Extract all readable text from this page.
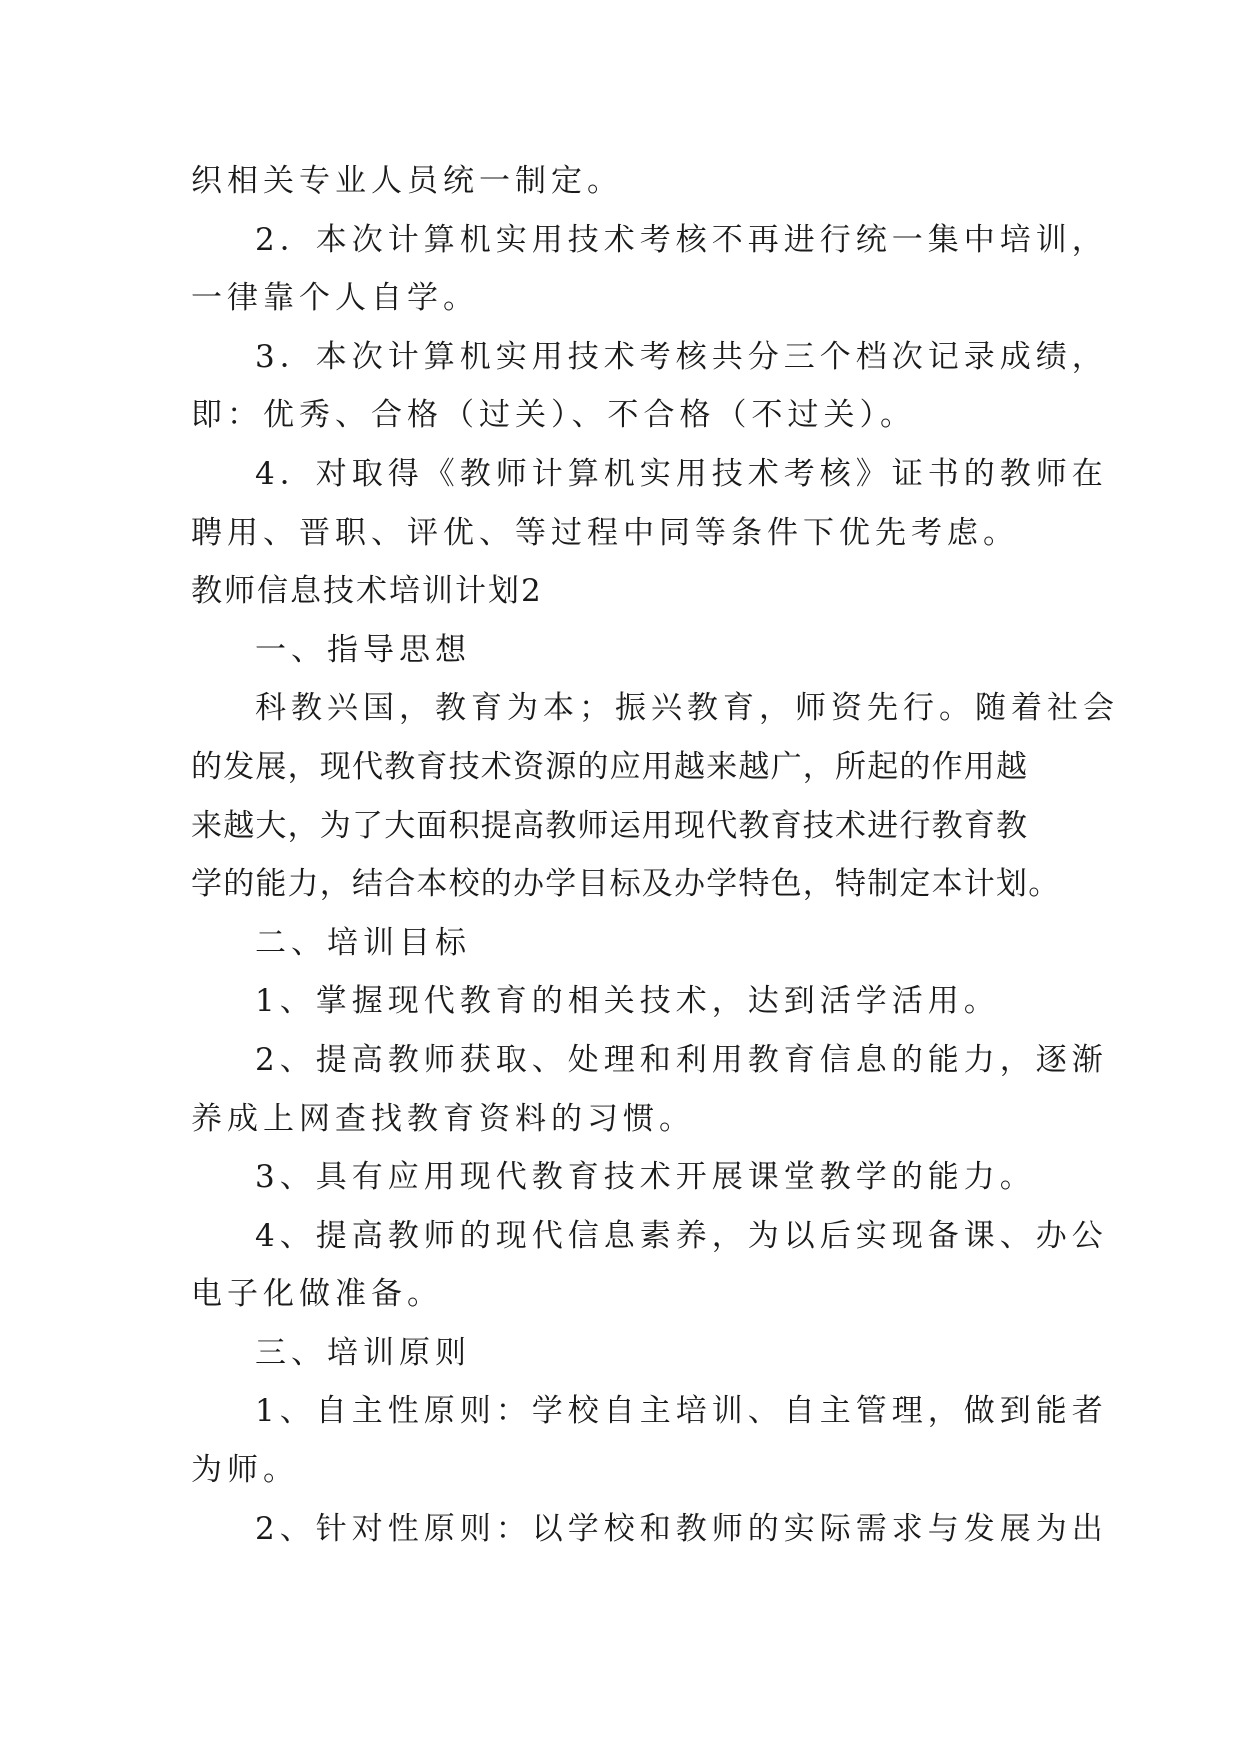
织相关专业人员统一制定。

2．本次计算机实用技术考核不再进行统一集中培训，

一律靠个人自学。

3．本次计算机实用技术考核共分三个档次记录成绩，

即：优秀、合格（过关）、不合格（不过关）。

4．对取得《教师计算机实用技术考核》证书的教师在

聘用、晋职、评优、等过程中同等条件下优先考虑。

教师信息技术培训计划2

一、指导思想

科教兴国，教育为本；振兴教育，师资先行。随着社会

的发展，现代教育技术资源的应用越来越广，所起的作用越

来越大，为了大面积提高教师运用现代教育技术进行教育教

学的能力，结合本校的办学目标及办学特色，特制定本计划。

二、培训目标

1、掌握现代教育的相关技术，达到活学活用。

2、提高教师获取、处理和利用教育信息的能力，逐渐

养成上网查找教育资料的习惯。

3、具有应用现代教育技术开展课堂教学的能力。

4、提高教师的现代信息素养，为以后实现备课、办公

电子化做准备。

三、培训原则

1、自主性原则：学校自主培训、自主管理，做到能者

为师。

2、针对性原则：以学校和教师的实际需求与发展为出
